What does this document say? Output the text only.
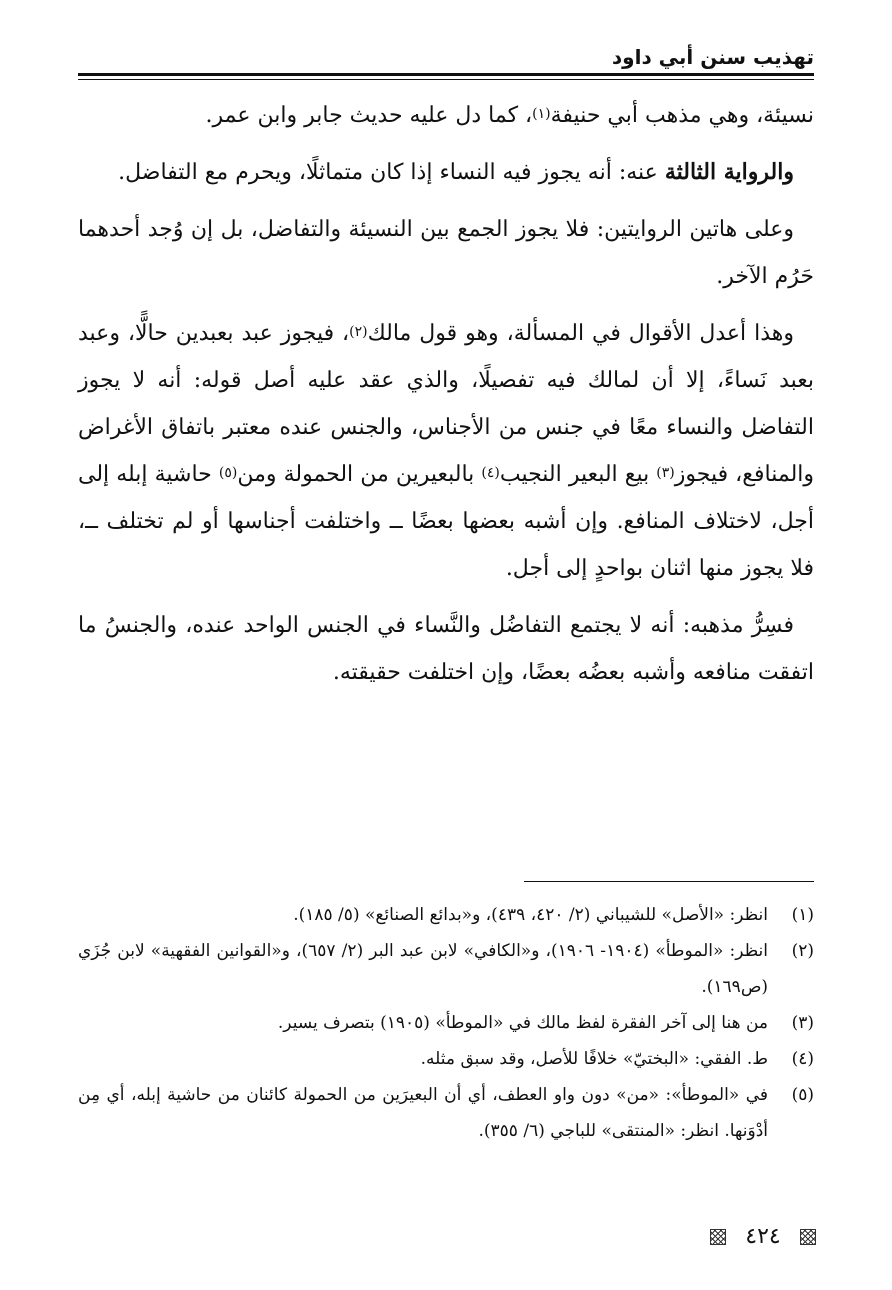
تهذيب سنن أبي داود

نسيئة، وهي مذهب أبي حنيفة$^{(١)}$، كما دل عليه حديث جابر وابن عمر.

والرواية الثالثة عنه: أنه يجوز فيه النساء إذا كان متماثلًا، ويحرم مع التفاضل.

وعلى هاتين الروايتين: فلا يجوز الجمع بين النسيئة والتفاضل، بل إن وُجد أحدهما حَرُم الآخر.

وهذا أعدل الأقوال في المسألة، وهو قول مالك$^{(٢)}$، فيجوز عبد بعبدين حالًّا، وعبد بعبد نَساءً، إلا أن لمالك فيه تفصيلًا، والذي عقد عليه أصل قوله: أنه لا يجوز التفاضل والنساء معًا في جنس من الأجناس، والجنس عنده معتبر باتفاق الأغراض والمنافع، فيجوز$^{(٣)}$ بيع البعير النجيب$^{(٤)}$ بالبعيرين من الحمولة ومن$^{(٥)}$ حاشية إبله إلى أجل، لاختلاف المنافع. وإن أشبه بعضها بعضًا ــ واختلفت أجناسها أو لم تختلف ــ، فلا يجوز منها اثنان بواحدٍ إلى أجل.

فسِرُّ مذهبه: أنه لا يجتمع التفاضُل والنَّساء في الجنس الواحد عنده، والجنسُ ما اتفقت منافعه وأشبه بعضُه بعضًا، وإن اختلفت حقيقته.

(١)
انظر: «الأصل» للشيباني (٢/ ٤٢٠، ٤٣٩)، و«بدائع الصنائع» (٥/ ١٨٥).

(٢)
انظر: «الموطأ» (١٩٠٤- ١٩٠٦)، و«الكافي» لابن عبد البر (٢/ ٦٥٧)، و«القوانين الفقهية» لابن جُزَي (ص١٦٩).

(٣)
من هنا إلى آخر الفقرة لفظ مالك في «الموطأ» (١٩٠٥) بتصرف يسير.

(٤)
ط. الفقي: «البختيّ» خلافًا للأصل، وقد سبق مثله.

(٥)
في «الموطأ»: «من» دون واو العطف، أي أن البعيرَين من الحمولة كائنان من حاشية إبله، أي مِن أدْوَنها. انظر: «المنتقى» للباجي (٦/ ٣٥٥).

٤٢٤
